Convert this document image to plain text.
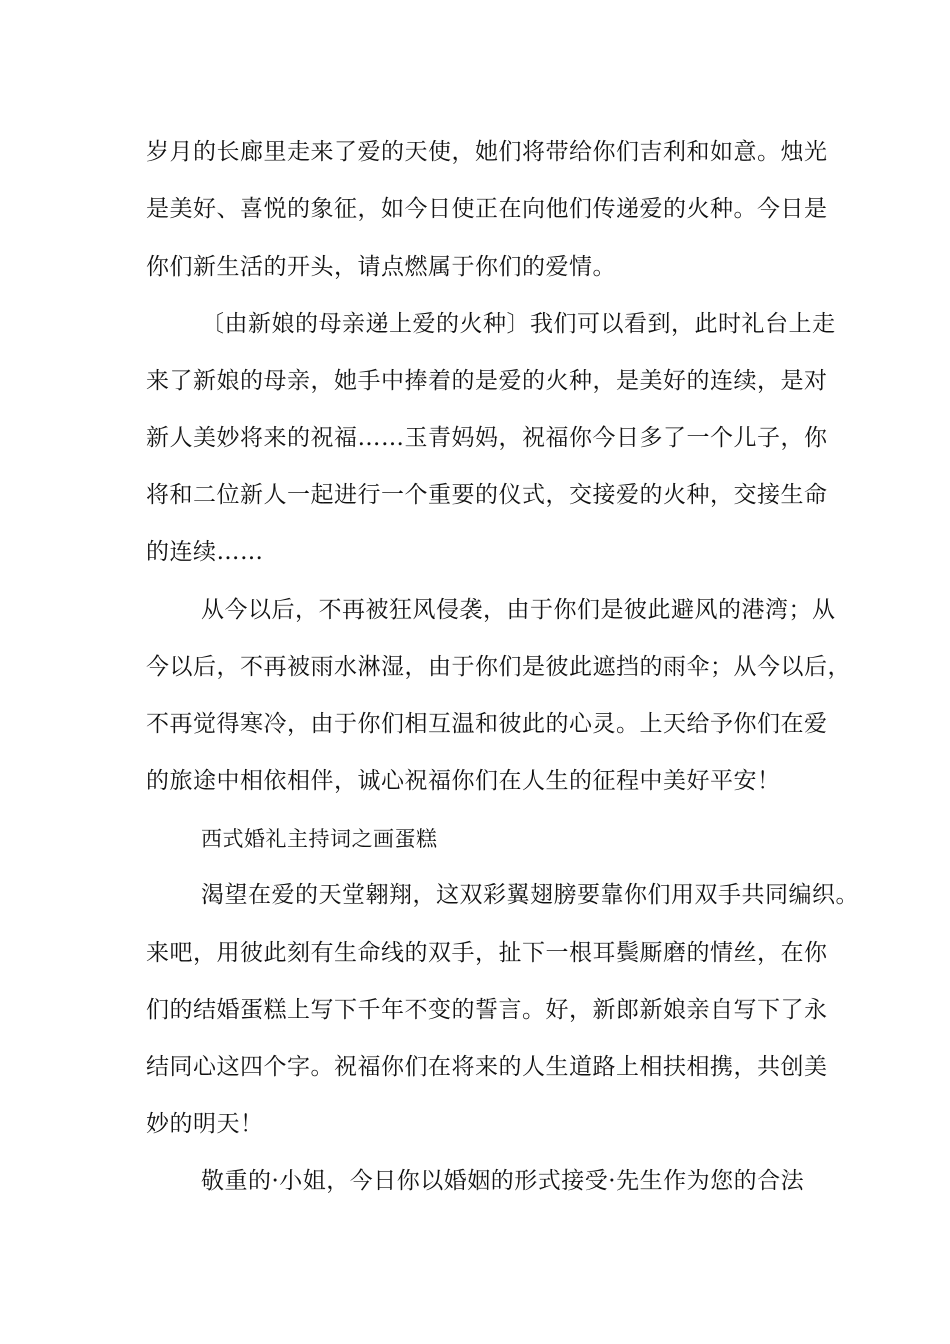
岁月的长廊里走来了爱的天使，她们将带给你们吉利和如意。烛光
是美好、喜悦的象征，如今日使正在向他们传递爱的火种。今日是
你们新生活的开头，请点燃属于你们的爱情。
〔由新娘的母亲递上爱的火种〕我们可以看到，此时礼台上走
来了新娘的母亲，她手中捧着的是爱的火种，是美好的连续，是对
新人美妙将来的祝福……玉青妈妈，祝福你今日多了一个儿子，你
将和二位新人一起进行一个重要的仪式，交接爱的火种，交接生命
的连续……
从今以后，不再被狂风侵袭，由于你们是彼此避风的港湾；从
今以后，不再被雨水淋湿，由于你们是彼此遮挡的雨伞；从今以后，
不再觉得寒冷，由于你们相互温和彼此的心灵。上天给予你们在爱
的旅途中相依相伴，诚心祝福你们在人生的征程中美好平安！
西式婚礼主持词之画蛋糕
渴望在爱的天堂翱翔，这双彩翼翅膀要靠你们用双手共同编织。
来吧，用彼此刻有生命线的双手，扯下一根耳鬓厮磨的情丝，在你
们的结婚蛋糕上写下千年不变的誓言。好，新郎新娘亲自写下了永
结同心这四个字。祝福你们在将来的人生道路上相扶相携，共创美
妙的明天！
敬重的·小姐，今日你以婚姻的形式接受·先生作为您的合法
